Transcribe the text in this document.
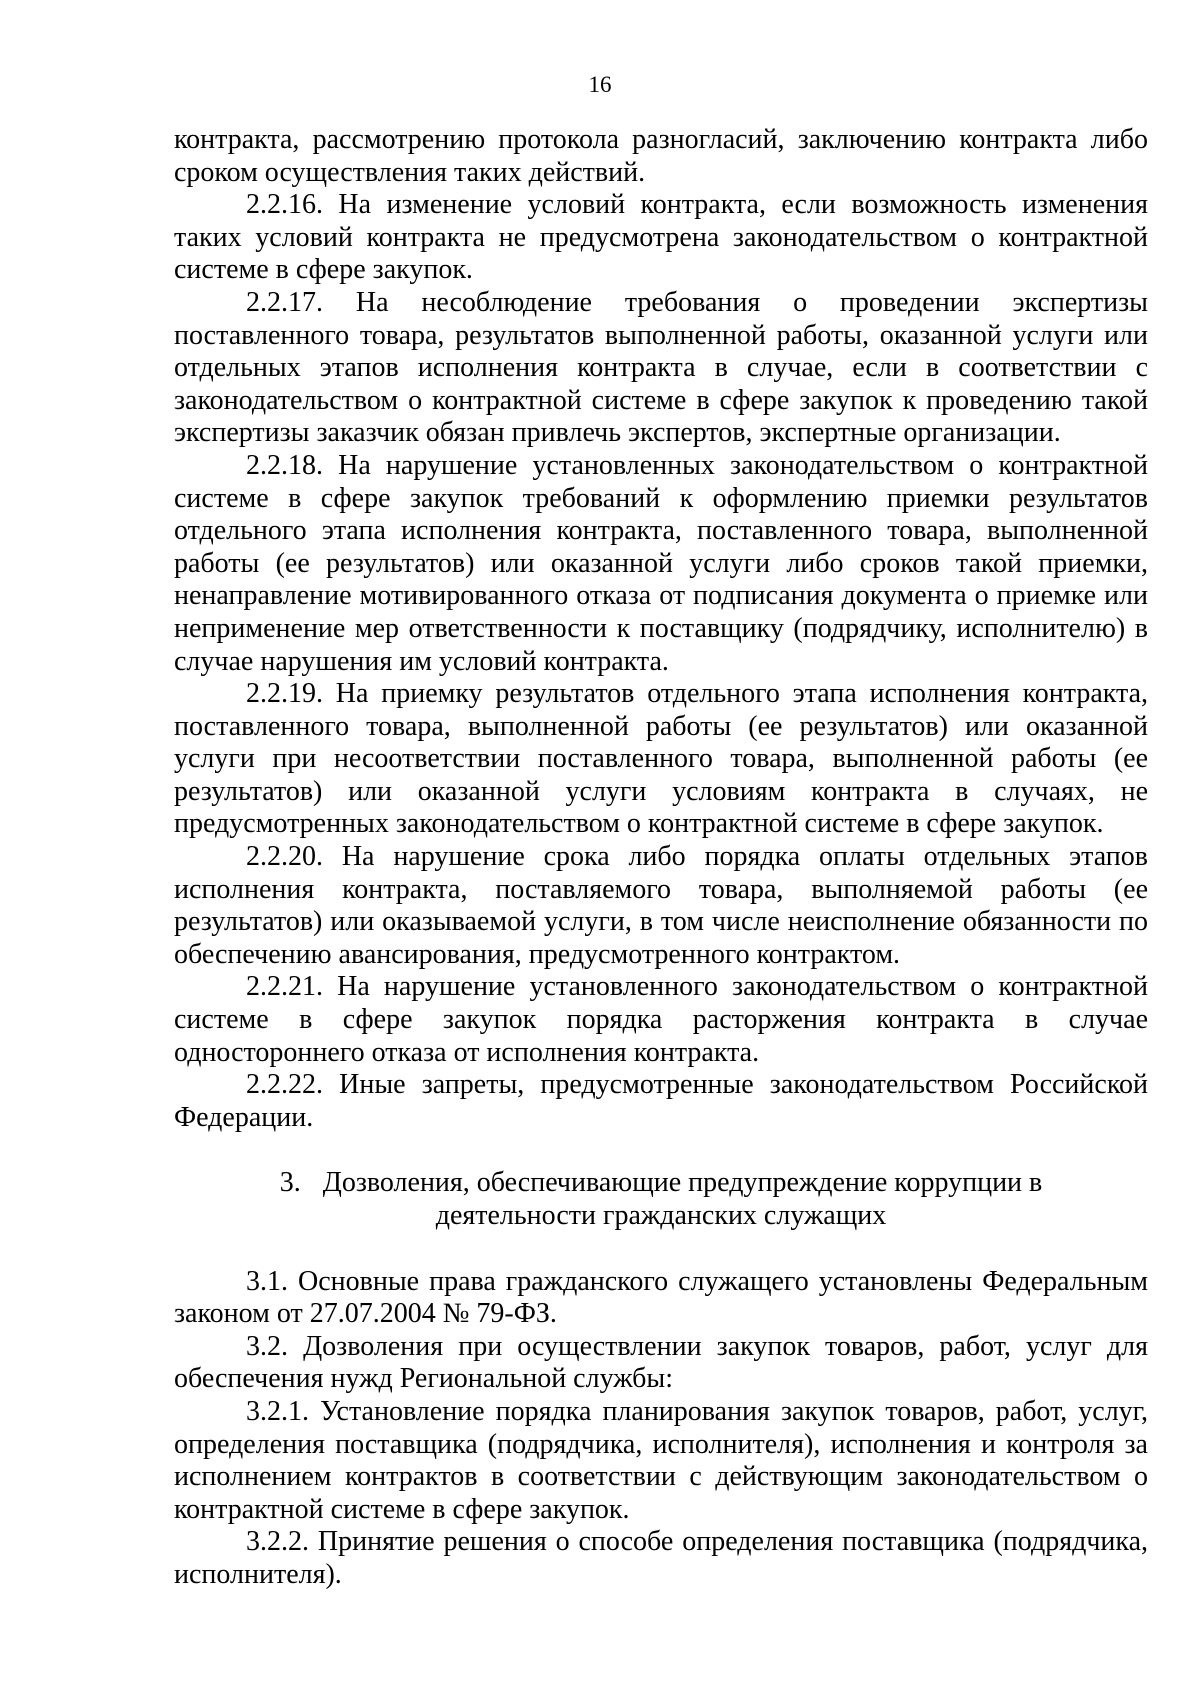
16

контракта, рассмотрению протокола разногласий, заключению контракта либо сроком осуществления таких действий.

2.2.16. На изменение условий контракта, если возможность изменения таких условий контракта не предусмотрена законодательством о контрактной системе в сфере закупок.

2.2.17. На несоблюдение требования о проведении экспертизы поставленного товара, результатов выполненной работы, оказанной услуги или отдельных этапов исполнения контракта в случае, если в соответствии с законодательством о контрактной системе в сфере закупок к проведению такой экспертизы заказчик обязан привлечь экспертов, экспертные организации.

2.2.18. На нарушение установленных законодательством о контрактной системе в сфере закупок требований к оформлению приемки результатов отдельного этапа исполнения контракта, поставленного товара, выполненной работы (ее результатов) или оказанной услуги либо сроков такой приемки, ненаправление мотивированного отказа от подписания документа о приемке или неприменение мер ответственности к поставщику (подрядчику, исполнителю) в случае нарушения им условий контракта.

2.2.19. На приемку результатов отдельного этапа исполнения контракта, поставленного товара, выполненной работы (ее результатов) или оказанной услуги при несоответствии поставленного товара, выполненной работы (ее результатов) или оказанной услуги условиям контракта в случаях, не предусмотренных законодательством о контрактной системе в сфере закупок.

2.2.20. На нарушение срока либо порядка оплаты отдельных этапов исполнения контракта, поставляемого товара, выполняемой работы (ее результатов) или оказываемой услуги, в том числе неисполнение обязанности по обеспечению авансирования, предусмотренного контрактом.

2.2.21. На нарушение установленного законодательством о контрактной системе в сфере закупок порядка расторжения контракта в случае одностороннего отказа от исполнения контракта.

2.2.22. Иные запреты, предусмотренные законодательством Российской Федерации.

3. Дозволения, обеспечивающие предупреждение коррупции в деятельности гражданских служащих

3.1. Основные права гражданского служащего установлены Федеральным законом от 27.07.2004 № 79-ФЗ.

3.2. Дозволения при осуществлении закупок товаров, работ, услуг для обеспечения нужд Региональной службы:

3.2.1. Установление порядка планирования закупок товаров, работ, услуг, определения поставщика (подрядчика, исполнителя), исполнения и контроля за исполнением контрактов в соответствии с действующим законодательством о контрактной системе в сфере закупок.

3.2.2. Принятие решения о способе определения поставщика (подрядчика, исполнителя).
